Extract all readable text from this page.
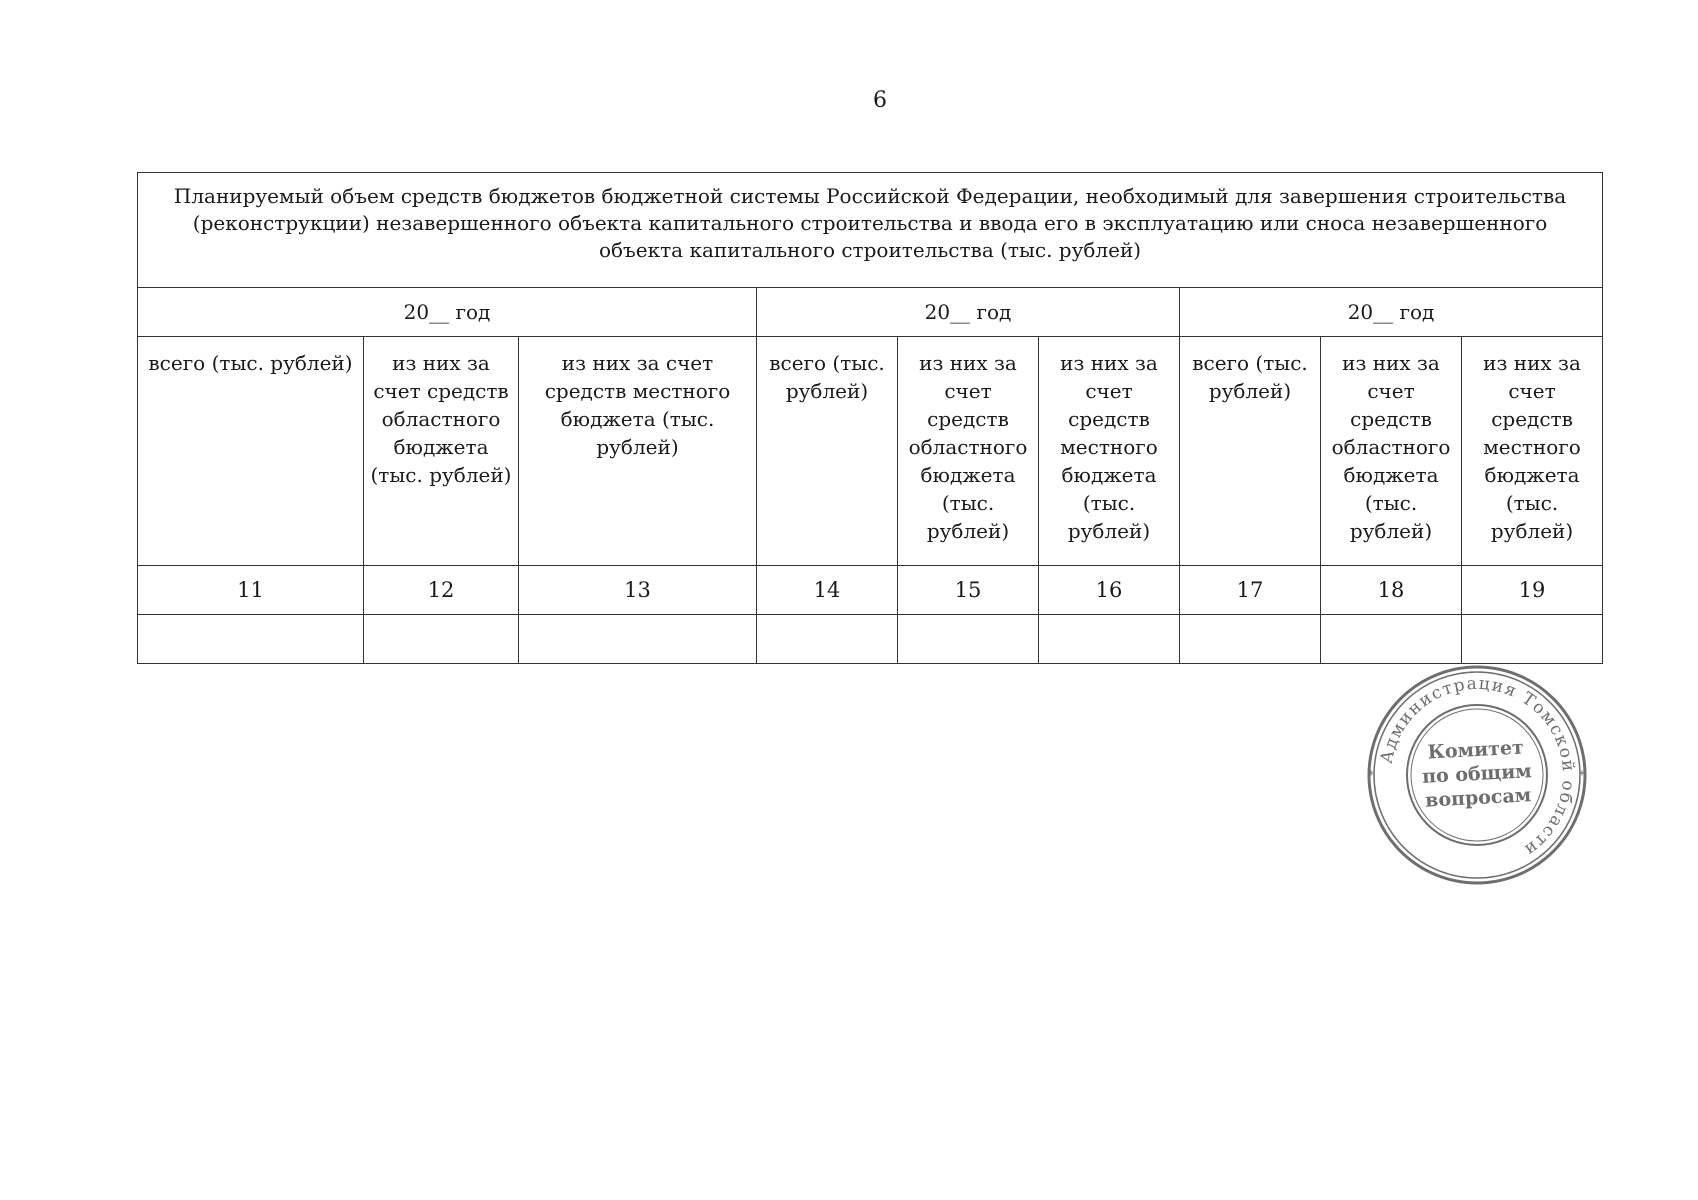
6
Планируемый объем средств бюджетов бюджетной системы Российской Федерации, необходимый для завершения строительства (реконструкции) незавершенного объекта капитального строительства и ввода его в эксплуатацию или сноса незавершенного объекта капитального строительства (тыс. рублей)								
20__ год			20__ год			20__ год		
всего (тыс. рублей)	из них за счет средств областного бюджета (тыс. рублей)	из них за счет средств местного бюджета (тыс. рублей)	всего (тыс. рублей)	из них за счет средств областного бюджета (тыс. рублей)	из них за счет средств местного бюджета (тыс. рублей)	всего (тыс. рублей)	из них за счет средств областного бюджета (тыс. рублей)	из них за счет средств местного бюджета (тыс. рублей)
11	12	13	14	15	16	17	18	19

Администрация Томской области
*	*
Комитет
по общим
вопросам
